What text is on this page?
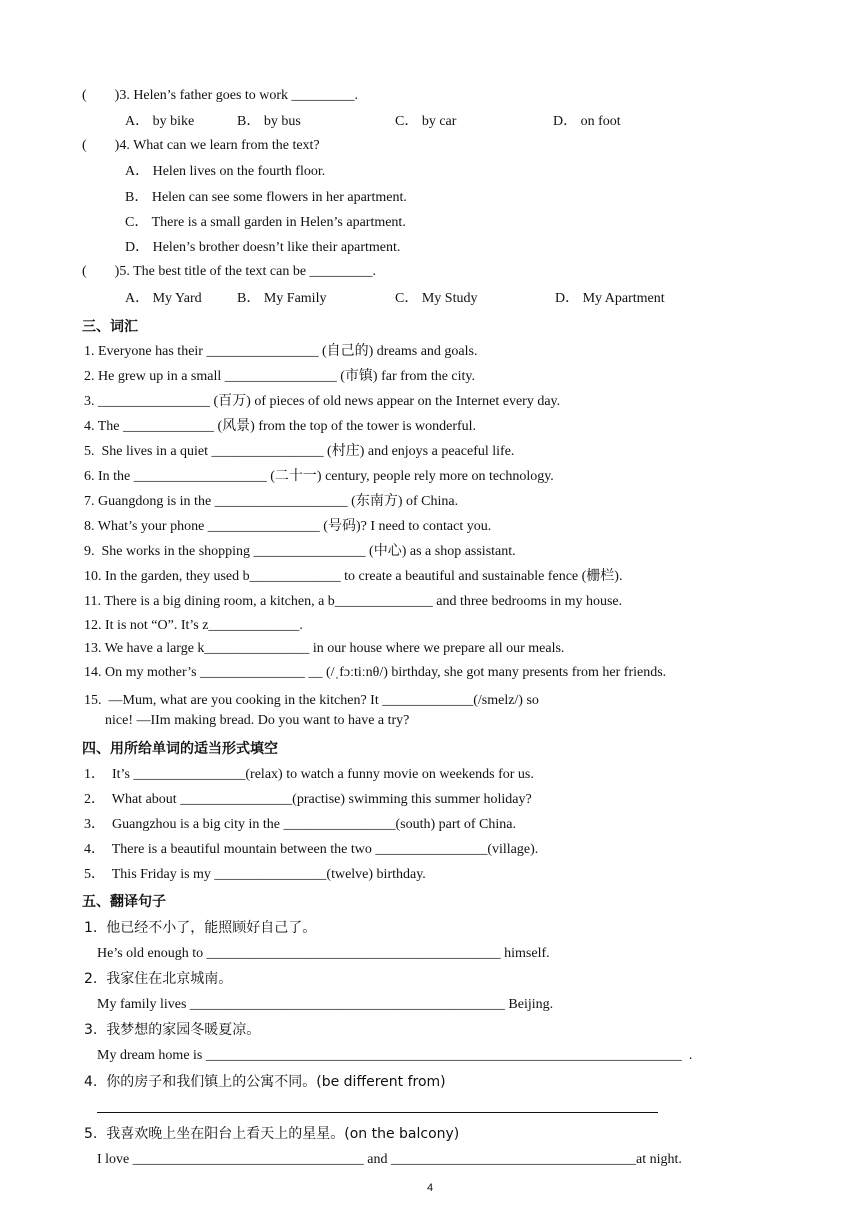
(        )3. Helen’s father goes to work _________.
A． by bike	B． by bus	C． by car	D． on foot
(        )4. What can we learn from the text?
A． Helen lives on the fourth floor.
B． Helen can see some flowers in her apartment.
C． There is a small garden in Helen’s apartment.
D． Helen’s brother doesn’t like their apartment.
(        )5. The best title of the text can be _________.
A． My Yard	B． My Family	C． My Study	D． My Apartment
三、词汇
1. Everyone has their ________________ (自己的) dreams and goals.
2. He grew up in a small ________________ (市镇) far from the city.
3. ________________ (百万) of pieces of old news appear on the Internet every day.
4. The _____________ (风景) from the top of the tower is wonderful.
5.  She lives in a quiet ________________ (村庄) and enjoys a peaceful life.
6. In the ___________________ (二十一) century, people rely more on technology.
7. Guangdong is in the ___________________ (东南方) of China.
8. What’s your phone ________________ (号码)? I need to contact you.
9.  She works in the shopping ________________ (中心) as a shop assistant.
10. In the garden, they used b_____________ to create a beautiful and sustainable fence (栅栏).
11. There is a big dining room, a kitchen, a b______________ and three bedrooms in my house.
12. It is not “O”. It’s z_____________.
13. We have a large k_______________ in our house where we prepare all our meals.
14. On my mother’s _______________ __ (/ˌfɔːtiːnθ/) birthday, she got many presents from her friends.
15.  —Mum, what are you cooking in the kitchen? It _____________(/smelz/) so
nice! —IIm making bread. Do you want to have a try?
四、用所给单词的适当形式填空
1．  It’s ________________(relax) to watch a funny movie on weekends for us.
2．  What about ________________(practise) swimming this summer holiday?
3．  Guangzhou is a big city in the ________________(south) part of China.
4．  There is a beautiful mountain between the two ________________(village).
5．  This Friday is my ________________(twelve) birthday.
五、翻译句子
1.  他已经不小了，能照顾好自己了。
He’s old enough to __________________________________________ himself.
2.  我家住在北京城南。
My family lives _____________________________________________ Beijing.
3.  我梦想的家园冬暖夏凉。
My dream home is ____________________________________________________________________  .
4.  你的房子和我们镇上的公寓不同。(be different from)
5.  我喜欢晚上坐在阳台上看天上的星星。(on the balcony)
I love _________________________________ and ___________________________________at night.
4
